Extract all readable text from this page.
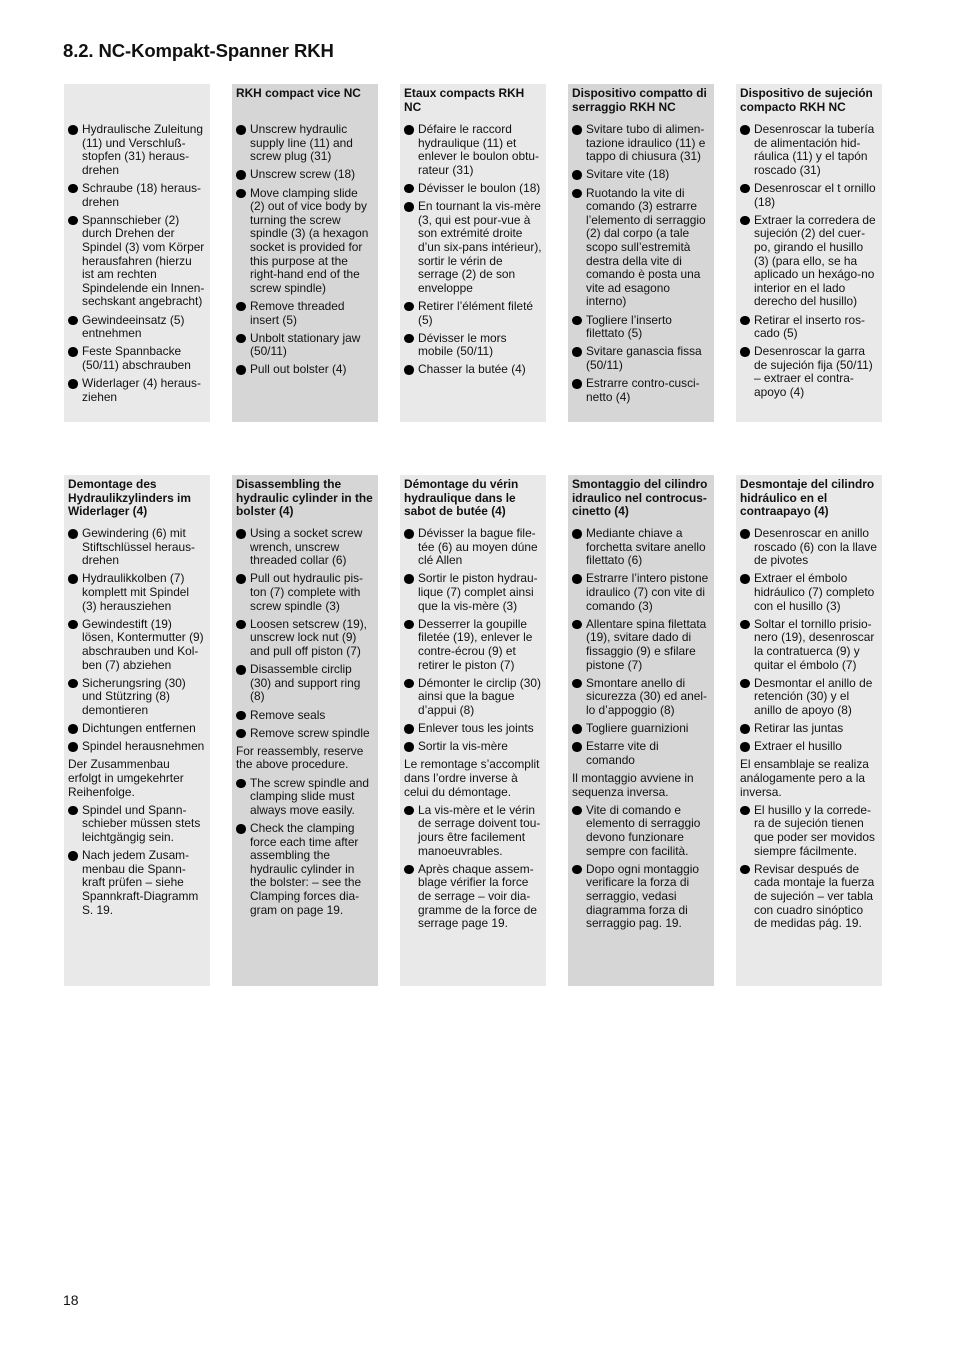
8.2. NC-Kompakt-Spanner RKH
Hydraulische Zuleitung (11) und Verschluß-stopfen (31) heraus-drehen
Schraube (18) heraus-drehen
Spannschieber (2) durch Drehen der Spindel (3) vom Körper herausfahren (hierzu ist am rechten Spindelende ein Innen-sechskant angebracht)
Gewindeeinsatz (5) entnehmen
Feste Spannbacke (50/11) abschrauben
Widerlager (4) heraus-ziehen
RKH compact vice NC
Unscrew hydraulic supply line (11) and screw plug (31)
Unscrew screw (18)
Move clamping slide (2) out of vice body by turning the screw spindle (3) (a hexagon socket is provided for this purpose at the right-hand end of the screw spindle)
Remove threaded insert (5)
Unbolt stationary jaw (50/11)
Pull out bolster (4)
Etaux compacts RKH NC
Défaire le raccord hydraulique (11) et enlever le boulon obtu-rateur (31)
Dévisser le boulon (18)
En tournant la vis-mère (3, qui est pour-vue à son extrémité droite d’un six-pans intérieur), sortir le vérin de serrage (2) de son enveloppe
Retirer l’élément fileté (5)
Dévisser le mors mobile (50/11)
Chasser la butée (4)
Dispositivo compatto di serraggio RKH NC
Svitare tubo di alimen-tazione idraulico (11) e tappo di chiusura (31)
Svitare vite (18)
Ruotando la vite di comando (3) estrarre l’elemento di serraggio (2) dal corpo (a tale scopo sull’estremità destra della vite di comando è posta una vite ad esagono interno)
Togliere l’inserto filettato (5)
Svitare ganascia fissa (50/11)
Estrarre contro-cusci-netto (4)
Dispositivo de sujeción compacto RKH NC
Desenroscar la tubería de alimentación hid-ráulica (11) y el tapón roscado (31)
Desenroscar el t ornillo (18)
Extraer la corredera de sujeción (2) del cuer-po, girando el husillo (3) (para ello, se ha aplicado un hexágo-no interior en el lado derecho del husillo)
Retirar el inserto ros-cado (5)
Desenroscar la garra de sujeción fija (50/11) – extraer el contra-apoyo (4)
Demontage des Hydraulikzylinders im Widerlager (4)
Gewindering (6) mit Stiftschlüssel heraus-drehen
Hydraulikkolben (7) komplett mit Spindel (3) herausziehen
Gewindestift (19) lösen, Kontermutter (9) abschrauben und Kol-ben (7) abziehen
Sicherungsring (30) und Stützring (8) demontieren
Dichtungen entfernen
Spindel herausnehmen

Der Zusammenbau erfolgt in umgekehrter Reihenfolge.

Spindel und Spann-schieber müssen stets leichtgängig sein.
Nach jedem Zusam-menbau die Spann-kraft prüfen – siehe Spannkraft-Diagramm S. 19.
Disassembling the hydraulic cylinder in the bolster (4)
Using a socket screw wrench, unscrew threaded collar (6)
Pull out hydraulic pis-ton (7) complete with screw spindle (3)
Loosen setscrew (19), unscrew lock nut (9) and pull off piston (7)
Disassemble circlip (30) and support ring (8)
Remove seals
Remove screw spindle

For reassembly, reserve the above procedure.

The screw spindle and clamping slide must always move easily.
Check the clamping force each time after assembling the hydraulic cylinder in the bolster: – see the Clamping forces dia-gram on page 19.
Démontage du vérin hydraulique dans le sabot de butée (4)
Dévisser la bague file-tée (6) au moyen dúne clé Allen
Sortir le piston hydrau-lique (7) complet ainsi que la vis-mère (3)
Desserrer la goupille filetée (19), enlever le contre-écrou (9) et retirer le piston (7)
Démonter le circlip (30) ainsi que la bague d’appui (8)
Enlever tous les joints
Sortir la vis-mère

Le remontage s’accomplit dans l’ordre inverse à celui du démontage.

La vis-mère et le vérin de serrage doivent tou-jours être facilement manoeuvrables.
Après chaque assem-blage vérifier la force de serrage – voir dia-gramme de la force de serrage page 19.
Smontaggio del cilindro idraulico nel controcus-cinetto (4)
Mediante chiave a forchetta svitare anello filettato (6)
Estrarre l’intero pistone idraulico (7) con vite di comando (3)
Allentare spina filettata (19), svitare dado di fissaggio (9) e sfilare pistone (7)
Smontare anello di sicurezza (30) ed anel-lo d’appoggio (8)
Togliere guarnizioni
Estarre vite di comando

Il montaggio avviene in sequenza inversa.

Vite di comando e elemento di serraggio devono funzionare sempre con facilità.
Dopo ogni montaggio verificare la forza di serraggio, vedasi diagramma forza di serraggio pag. 19.
Desmontaje del cilindro hidráulico en el contraapayo (4)
Desenroscar en anillo roscado (6) con la llave de pivotes
Extraer el émbolo hidráulico (7) completo con el husillo (3)
Soltar el tornillo prisio-nero (19), desenroscar la contratuerca (9) y quitar el émbolo (7)
Desmontar el anillo de retención (30) y el anillo de apoyo (8)
Retirar las juntas
Extraer el husillo

El ensamblaje se realiza análogamente pero a la inversa.

El husillo y la correde-ra de sujeción tienen que poder ser movidos siempre fácilmente.
Revisar después de cada montaje la fuerza de sujeción – ver tabla con cuadro sinóptico de medidas pág. 19.
18
